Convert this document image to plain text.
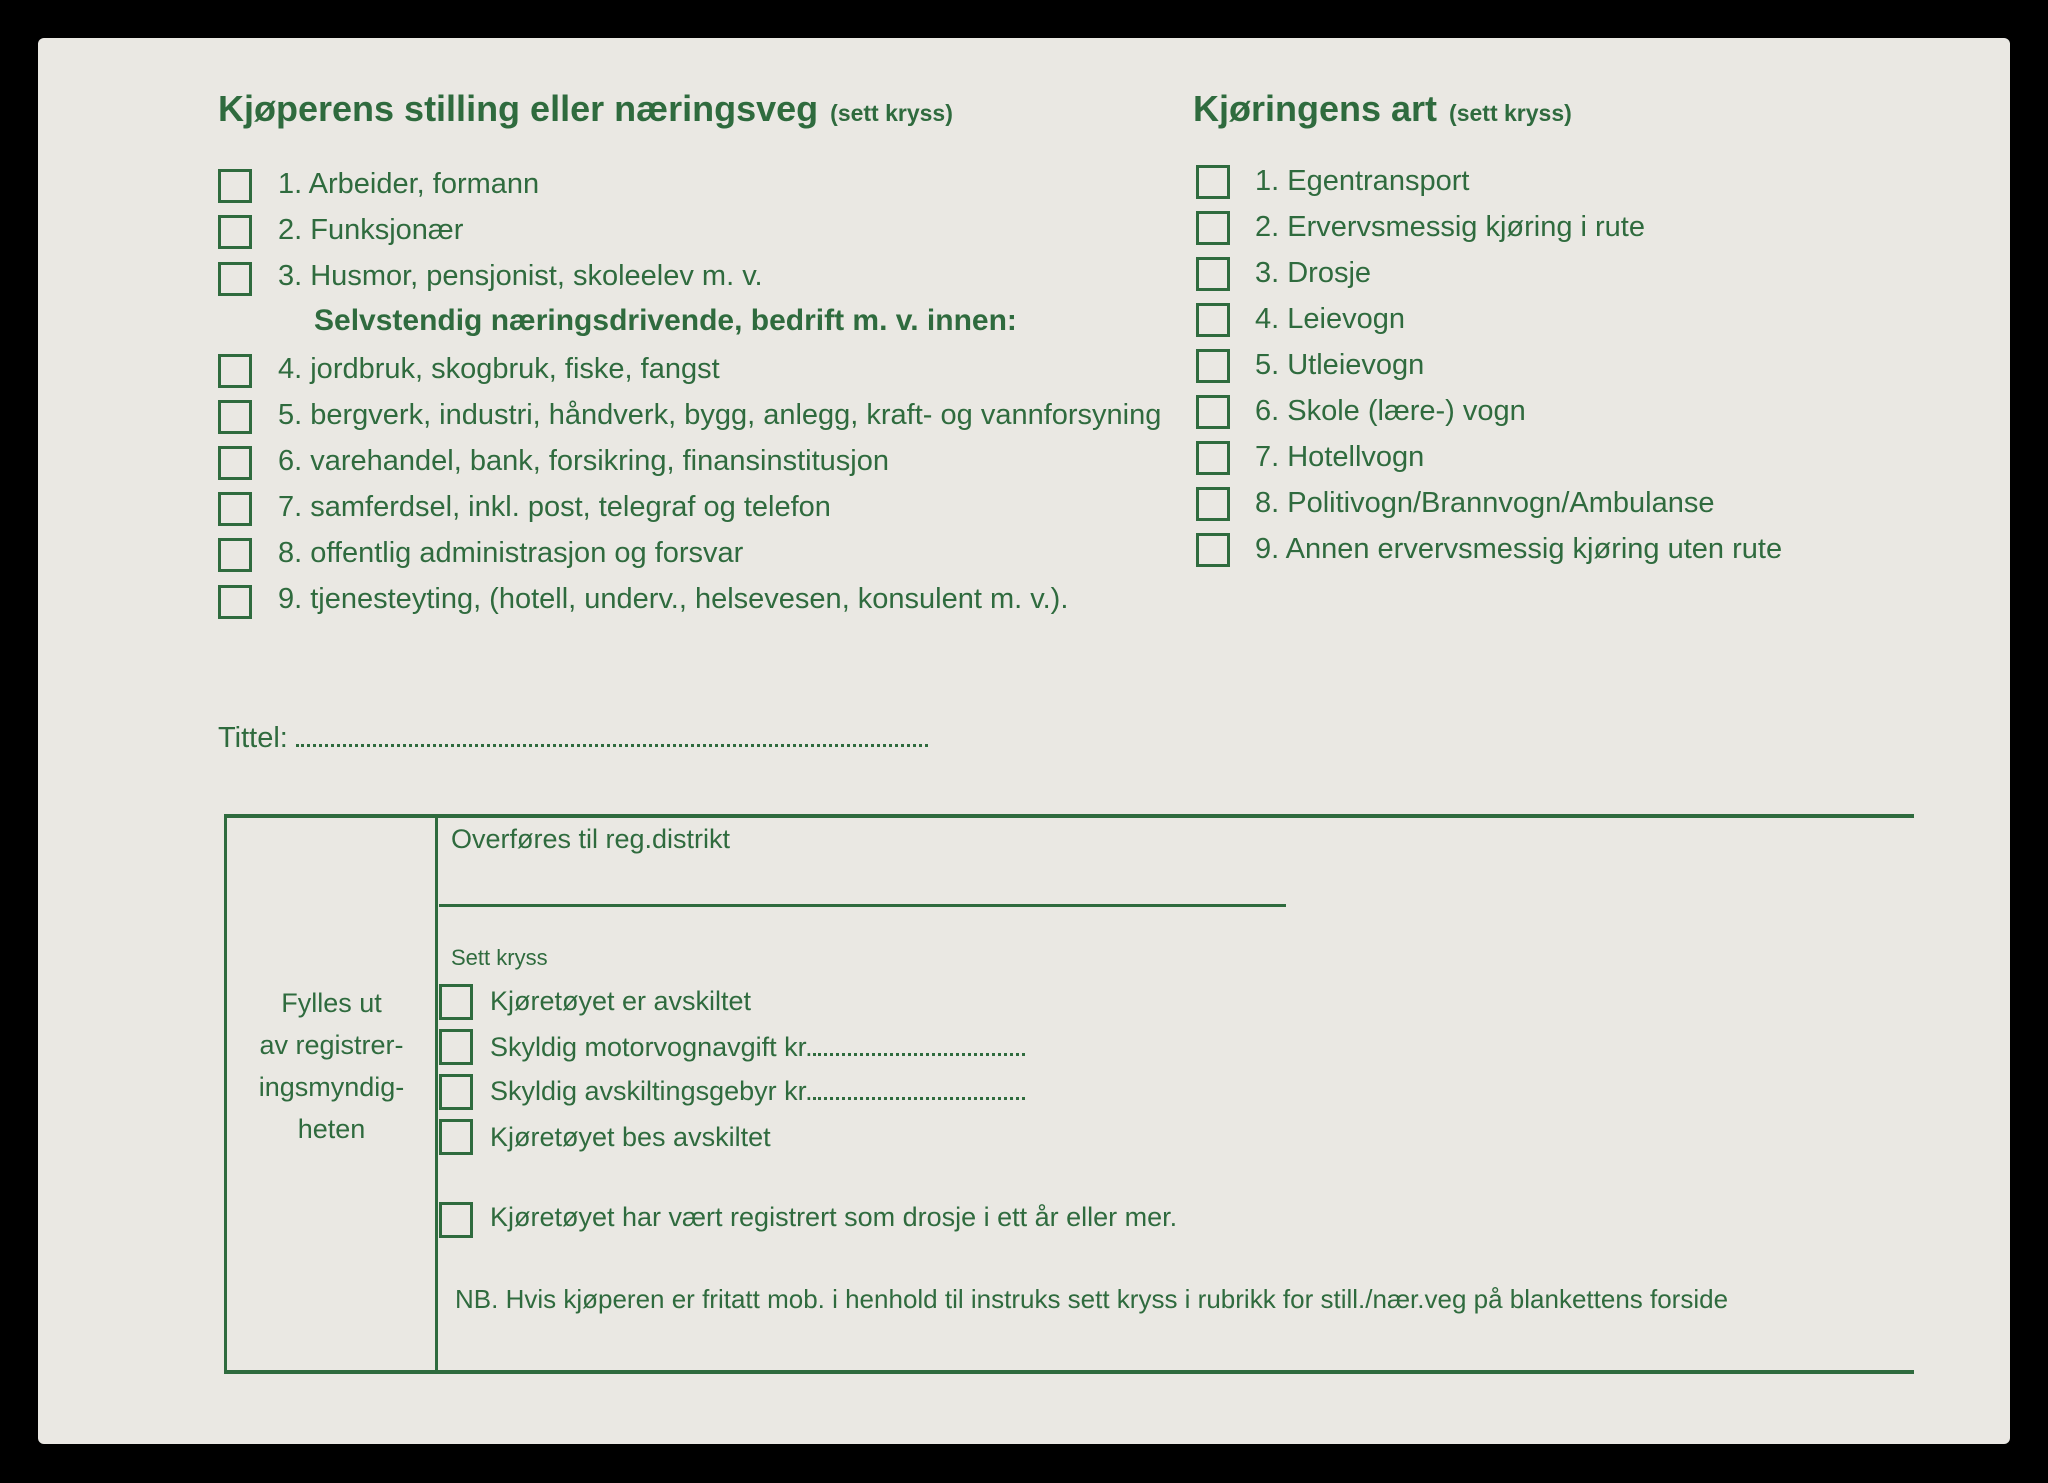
Kjøperens stilling eller næringsveg (sett kryss)
1. Arbeider, formann
2. Funksjonær
3. Husmor, pensjonist, skoleelev m. v.
Selvstendig næringsdrivende, bedrift m. v. innen:
4. jordbruk, skogbruk, fiske, fangst
5. bergverk, industri, håndverk, bygg, anlegg, kraft- og vannforsyning
6. varehandel, bank, forsikring, finansinstitusjon
7. samferdsel, inkl. post, telegraf og telefon
8. offentlig administrasjon og forsvar
9. tjenesteyting, (hotell, underv., helsevesen, konsulent m. v.).
Kjøringens art (sett kryss)
1. Egentransport
2. Ervervsmessig kjøring i rute
3. Drosje
4. Leievogn
5. Utleievogn
6. Skole (lære-) vogn
7. Hotellvogn
8. Politivogn/Brannvogn/Ambulanse
9. Annen ervervsmessig kjøring uten rute
Tittel:
Fylles ut
av registrer-
ingsmyndig-
heten
Overføres til reg.distrikt
Sett kryss
Kjøretøyet er avskiltet
Skyldig motorvognavgift kr.
Skyldig avskiltingsgebyr kr.
Kjøretøyet bes avskiltet
Kjøretøyet har vært registrert som drosje i ett år eller mer.
NB. Hvis kjøperen er fritatt mob. i henhold til instruks sett kryss i rubrikk for still./nær.veg på blankettens forside
